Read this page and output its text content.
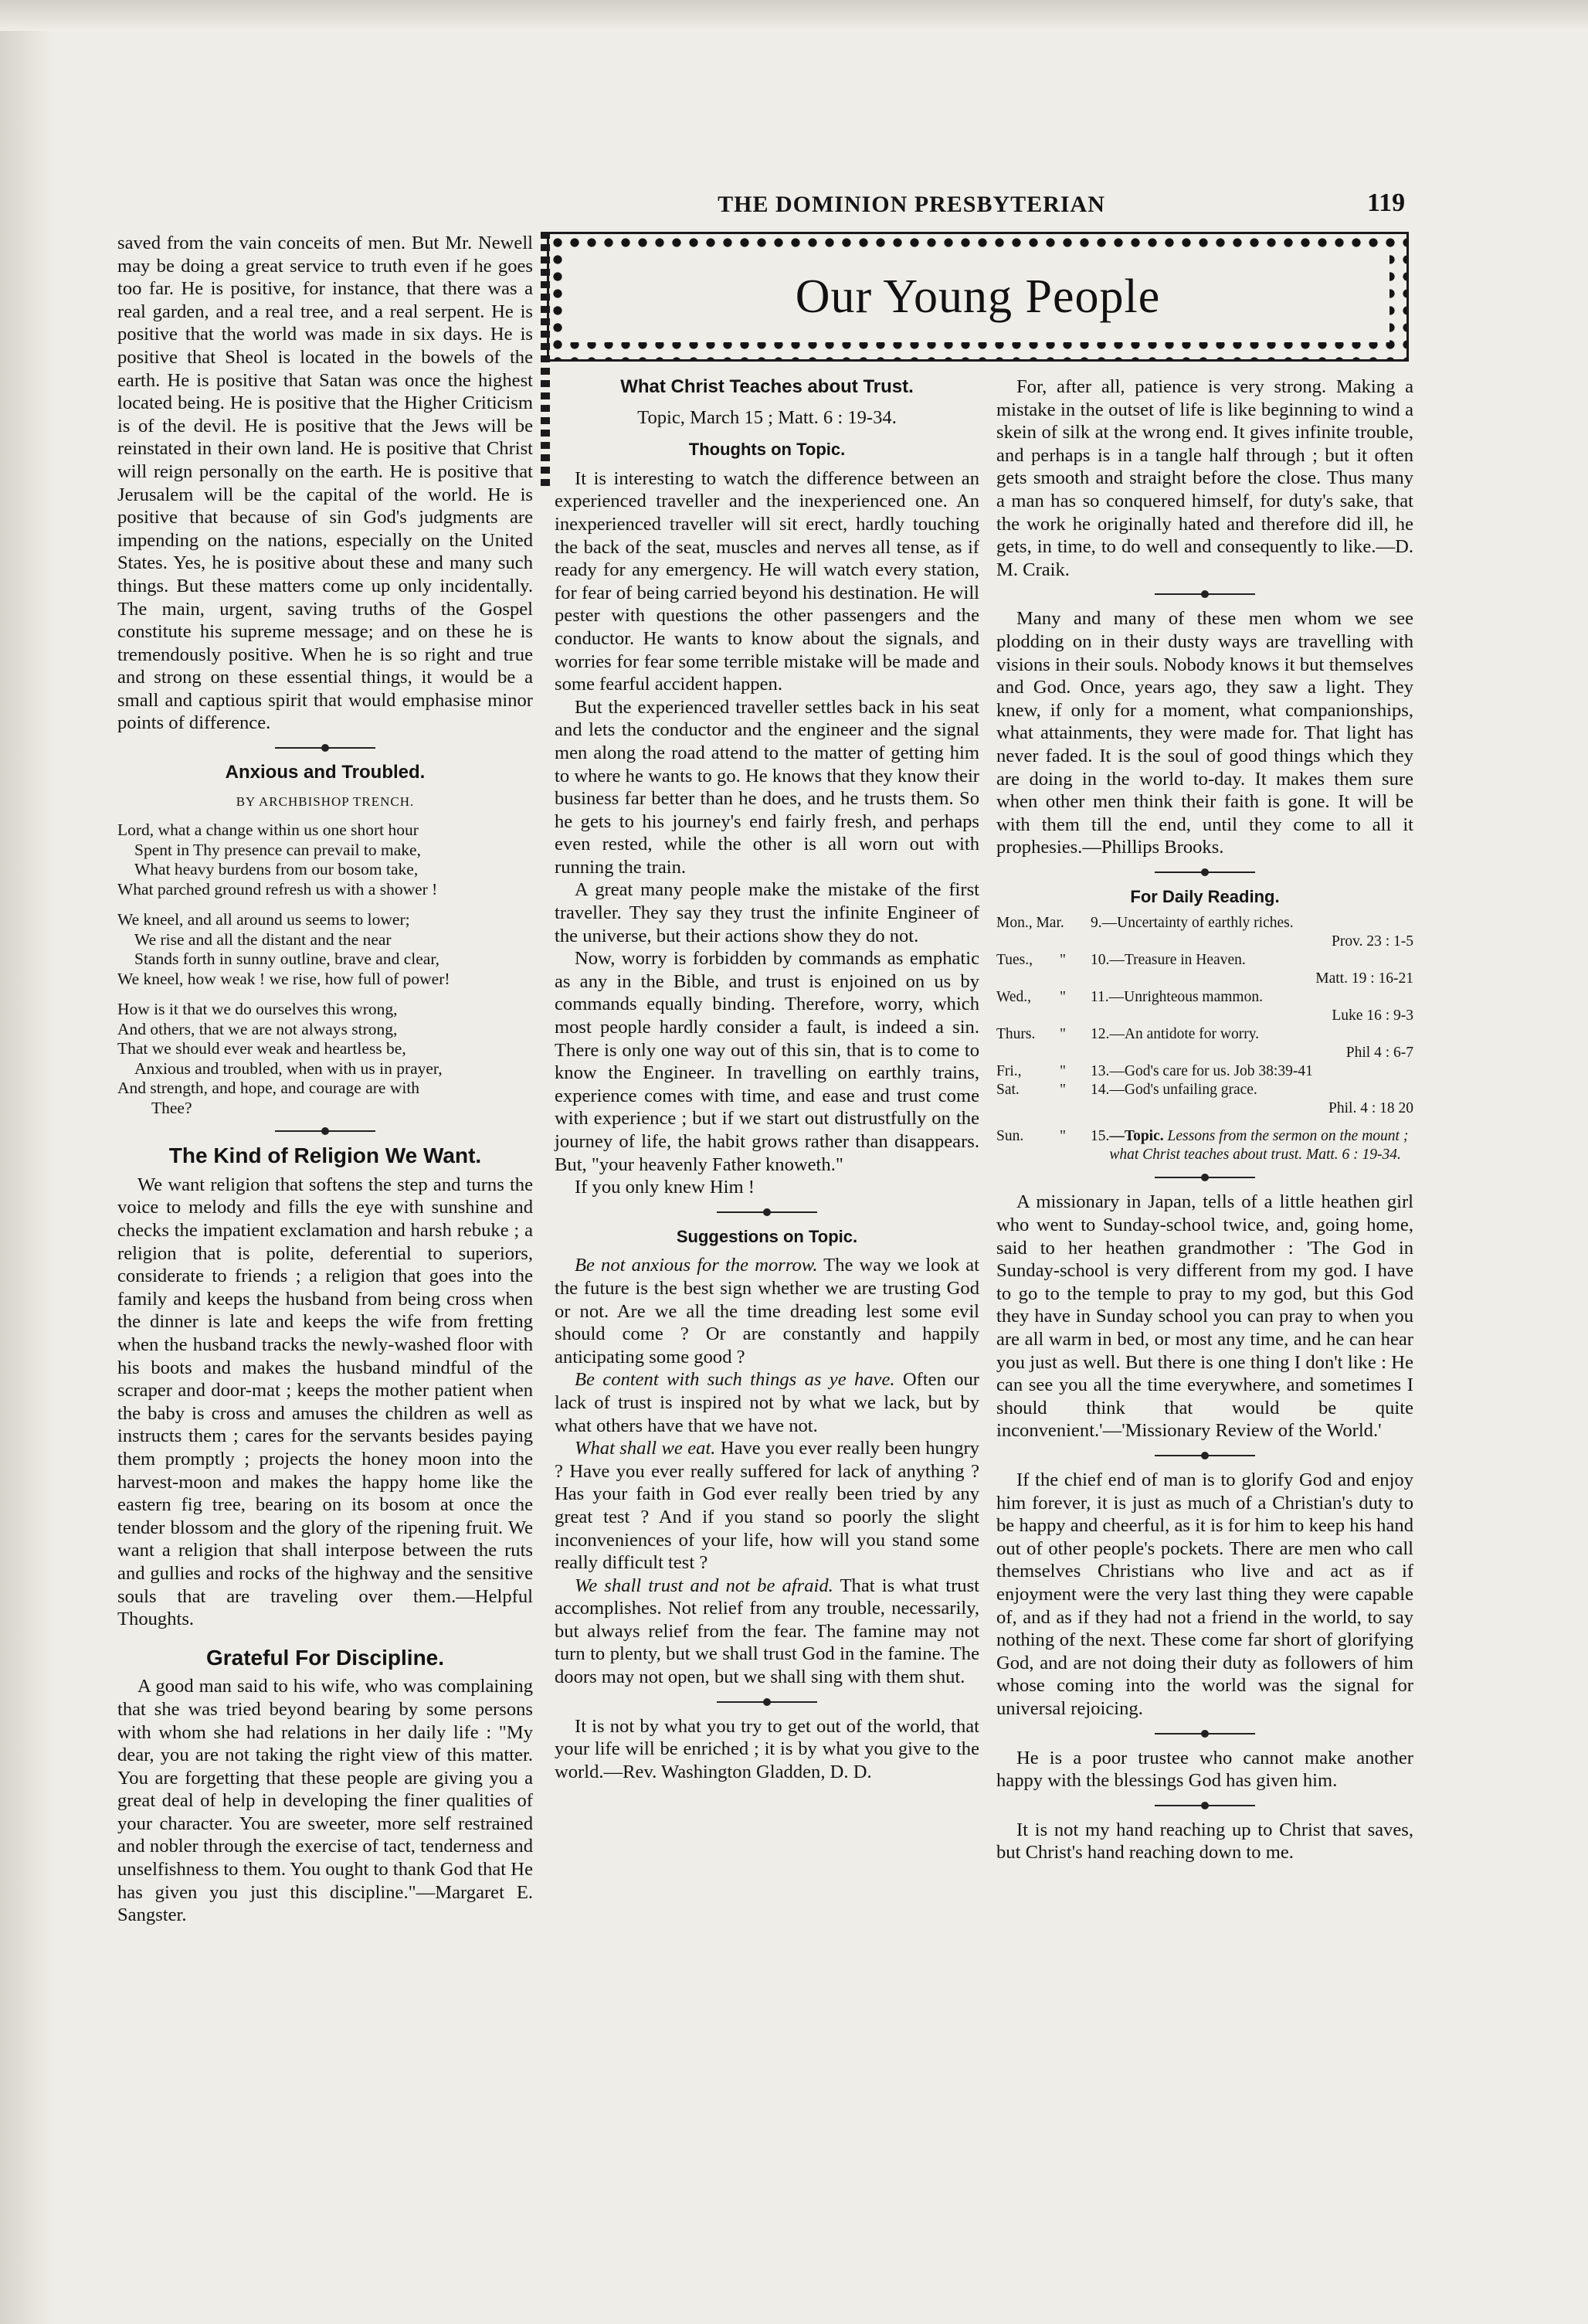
THE DOMINION PRESBYTERIAN	119
Our Young People

saved from the vain conceits of men. But Mr. Newell may be doing a great service to truth even if he goes too far. He is positive, for instance, that there was a real garden, and a real tree, and a real serpent. He is positive that the world was made in six days. He is positive that Sheol is located in the bowels of the earth. He is positive that Satan was once the highest located being. He is positive that the Higher Criticism is of the devil. He is positive that the Jews will be reinstated in their own land. He is positive that Christ will reign personally on the earth. He is positive that Jerusalem will be the capital of the world. He is positive that because of sin God's judgments are impending on the nations, especially on the United States. Yes, he is positive about these and many such things. But these matters come up only incidentally. The main, urgent, saving truths of the Gospel constitute his supreme message; and on these he is tremendously positive. When he is so right and true and strong on these essential things, it would be a small and captious spirit that would emphasise minor points of difference.

Anxious and Troubled.
BY ARCHBISHOP TRENCH.
Lord, what a change within us one short hour
Spent in Thy presence can prevail to make,
What heavy burdens from our bosom take,
What parched ground refresh us with a shower !
We kneel, and all around us seems to lower;
We rise and all the distant and the near
Stands forth in sunny outline, brave and clear,
We kneel, how weak ! we rise, how full of power!
How is it that we do ourselves this wrong,
And others, that we are not always strong,
That we should ever weak and heartless be,
Anxious and troubled, when with us in prayer,
And strength, and hope, and courage are with
Thee?
The Kind of Religion We Want.

We want religion that softens the step and turns the voice to melody and fills the eye with sunshine and checks the impatient exclamation and harsh rebuke ; a religion that is polite, deferential to superiors, considerate to friends ; a religion that goes into the family and keeps the husband from being cross when the dinner is late and keeps the wife from fretting when the husband tracks the newly-washed floor with his boots and makes the husband mindful of the scraper and door-mat ; keeps the mother patient when the baby is cross and amuses the children as well as instructs them ; cares for the servants besides paying them promptly ; projects the honey moon into the harvest-moon and makes the happy home like the eastern fig tree, bearing on its bosom at once the tender blossom and the glory of the ripening fruit. We want a religion that shall interpose between the ruts and gullies and rocks of the highway and the sensitive souls that are traveling over them.—Helpful Thoughts.

Grateful For Discipline.

A good man said to his wife, who was complaining that she was tried beyond bearing by some persons with whom she had relations in her daily life : "My dear, you are not taking the right view of this matter. You are forgetting that these people are giving you a great deal of help in developing the finer qualities of your character. You are sweeter, more self restrained and nobler through the exercise of tact, tenderness and unselfishness to them. You ought to thank God that He has given you just this discipline."—Margaret E. Sangster.

What Christ Teaches about Trust.
Topic, March 15 ; Matt. 6 : 19-34.
Thoughts on Topic.

It is interesting to watch the difference between an experienced traveller and the inexperienced one. An inexperienced traveller will sit erect, hardly touching the back of the seat, muscles and nerves all tense, as if ready for any emergency. He will watch every station, for fear of being carried beyond his destination. He will pester with questions the other passengers and the conductor. He wants to know about the signals, and worries for fear some terrible mistake will be made and some fearful accident happen.

But the experienced traveller settles back in his seat and lets the conductor and the engineer and the signal men along the road attend to the matter of getting him to where he wants to go. He knows that they know their business far better than he does, and he trusts them. So he gets to his journey's end fairly fresh, and perhaps even rested, while the other is all worn out with running the train.

A great many people make the mistake of the first traveller. They say they trust the infinite Engineer of the universe, but their actions show they do not.

Now, worry is forbidden by commands as emphatic as any in the Bible, and trust is enjoined on us by commands equally binding. Therefore, worry, which most people hardly consider a fault, is indeed a sin. There is only one way out of this sin, that is to come to know the Engineer. In travelling on earthly trains, experience comes with time, and ease and trust come with experience ; but if we start out distrustfully on the journey of life, the habit grows rather than disappears. But, "your heavenly Father knoweth."

If you only knew Him !

Suggestions on Topic.

Be not anxious for the morrow. The way we look at the future is the best sign whether we are trusting God or not. Are we all the time dreading lest some evil should come ? Or are constantly and happily anticipating some good ?

Be content with such things as ye have. Often our lack of trust is inspired not by what we lack, but by what others have that we have not.

What shall we eat. Have you ever really been hungry ? Have you ever really suffered for lack of anything ? Has your faith in God ever really been tried by any great test ? And if you stand so poorly the slight inconveniences of your life, how will you stand some really difficult test ?

We shall trust and not be afraid. That is what trust accomplishes. Not relief from any trouble, necessarily, but always relief from the fear. The famine may not turn to plenty, but we shall trust God in the famine. The doors may not open, but we shall sing with them shut.

It is not by what you try to get out of the world, that your life will be enriched ; it is by what you give to the world.—Rev. Washington Gladden, D. D.

For, after all, patience is very strong. Making a mistake in the outset of life is like beginning to wind a skein of silk at the wrong end. It gives infinite trouble, and perhaps is in a tangle half through ; but it often gets smooth and straight before the close. Thus many a man has so conquered himself, for duty's sake, that the work he originally hated and therefore did ill, he gets, in time, to do well and consequently to like.—D. M. Craik.

Many and many of these men whom we see plodding on in their dusty ways are travelling with visions in their souls. Nobody knows it but themselves and God. Once, years ago, they saw a light. They knew, if only for a moment, what companionships, what attainments, they were made for. That light has never faded. It is the soul of good things which they are doing in the world to-day. It makes them sure when other men think their faith is gone. It will be with them till the end, until they come to all it prophesies.—Phillips Brooks.

For Daily Reading.
Mon., Mar.	9. —Uncertainty of earthly riches.
Prov. 23 : 1-5
Tues.,	"	10. —Treasure in Heaven.
Matt. 19 : 16-21
Wed.,	"	11. —Unrighteous mammon.
Luke 16 : 9-3
Thurs.	"	12. —An antidote for worry.
Phil 4 : 6-7
Fri.,	"	13. —God's care for us. Job 38:39-41
Sat.	"	14. —God's unfailing grace.
Phil. 4 : 18 20
Sun.	"	15. —Topic. Lessons from the sermon on the mount ; what Christ teaches about trust. Matt. 6 : 19-34.

A missionary in Japan, tells of a little heathen girl who went to Sunday-school twice, and, going home, said to her heathen grandmother : 'The God in Sunday-school is very different from my god. I have to go to the temple to pray to my god, but this God they have in Sunday school you can pray to when you are all warm in bed, or most any time, and he can hear you just as well. But there is one thing I don't like : He can see you all the time everywhere, and sometimes I should think that would be quite inconvenient.'—'Missionary Review of the World.'

If the chief end of man is to glorify God and enjoy him forever, it is just as much of a Christian's duty to be happy and cheerful, as it is for him to keep his hand out of other people's pockets. There are men who call themselves Christians who live and act as if enjoyment were the very last thing they were capable of, and as if they had not a friend in the world, to say nothing of the next. These come far short of glorifying God, and are not doing their duty as followers of him whose coming into the world was the signal for universal rejoicing.

He is a poor trustee who cannot make another happy with the blessings God has given him.

It is not my hand reaching up to Christ that saves, but Christ's hand reaching down to me.
